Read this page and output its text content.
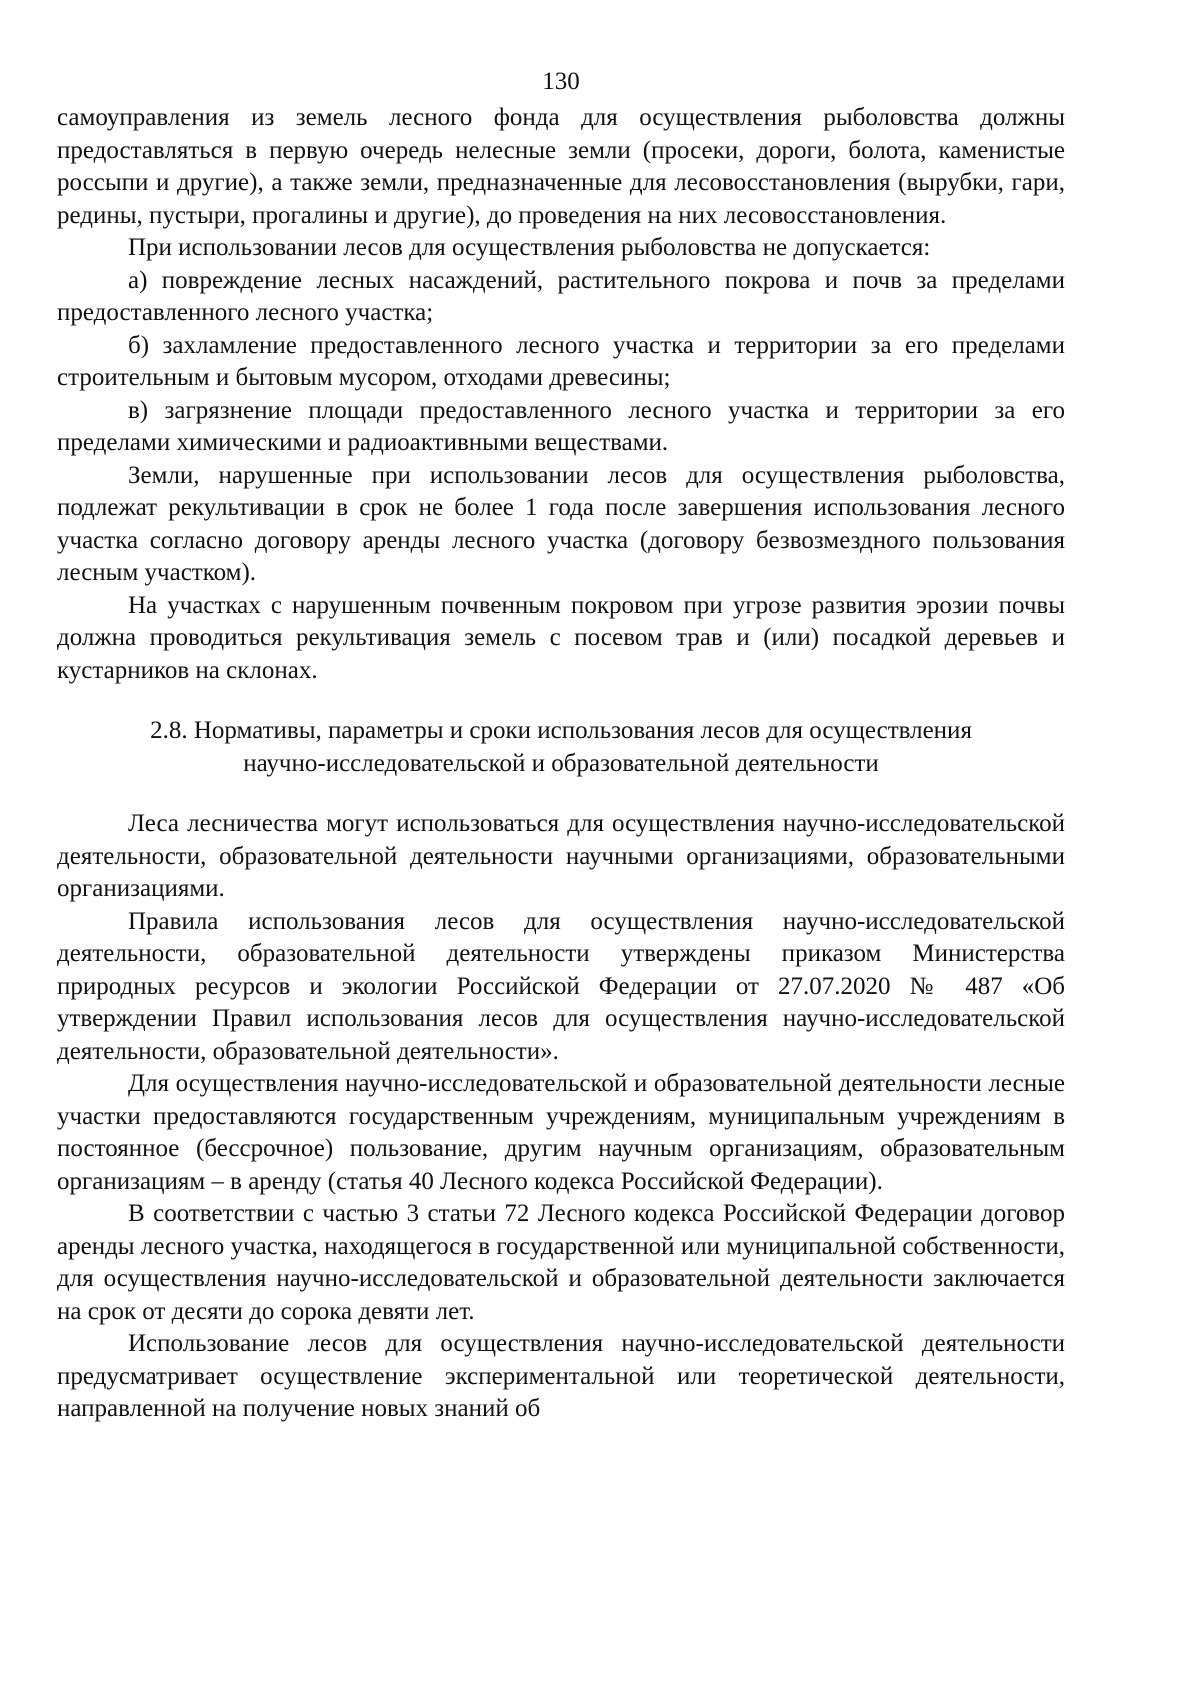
130

самоуправления из земель лесного фонда для осуществления рыболовства должны предоставляться в первую очередь нелесные земли (просеки, дороги, болота, каменистые россыпи и другие), а также земли, предназначенные для лесовосстановления (вырубки, гари, редины, пустыри, прогалины и другие), до проведения на них лесовосстановления.

При использовании лесов для осуществления рыболовства не допускается:

а) повреждение лесных насаждений, растительного покрова и почв за пределами предоставленного лесного участка;

б) захламление предоставленного лесного участка и территории за его пределами строительным и бытовым мусором, отходами древесины;

в) загрязнение площади предоставленного лесного участка и территории за его пределами химическими и радиоактивными веществами.

Земли, нарушенные при использовании лесов для осуществления рыболовства, подлежат рекультивации в срок не более 1 года после завершения использования лесного участка согласно договору аренды лесного участка (договору безвозмездного пользования лесным участком).

На участках с нарушенным почвенным покровом при угрозе развития эрозии почвы должна проводиться рекультивация земель с посевом трав и (или) посадкой деревьев и кустарников на склонах.

2.8. Нормативы, параметры и сроки использования лесов для осуществления
научно-исследовательской и образовательной деятельности

Леса лесничества могут использоваться для осуществления научно-исследовательской деятельности, образовательной деятельности научными организациями, образовательными организациями.

Правила использования лесов для осуществления научно-исследовательской деятельности, образовательной деятельности утверждены приказом Министерства природных ресурсов и экологии Российской Федерации от 27.07.2020 № 487 «Об утверждении Правил использования лесов для осуществления научно-исследовательской деятельности, образовательной деятельности».

Для осуществления научно-исследовательской и образовательной деятельности лесные участки предоставляются государственным учреждениям, муниципальным учреждениям в постоянное (бессрочное) пользование, другим научным организациям, образовательным организациям – в аренду (статья 40 Лесного кодекса Российской Федерации).

В соответствии с частью 3 статьи 72 Лесного кодекса Российской Федерации договор аренды лесного участка, находящегося в государственной или муниципальной собственности, для осуществления научно-исследовательской и образовательной деятельности заключается на срок от десяти до сорока девяти лет.

Использование лесов для осуществления научно-исследовательской деятельности предусматривает осуществление экспериментальной или теоретической деятельности, направленной на получение новых знаний об
